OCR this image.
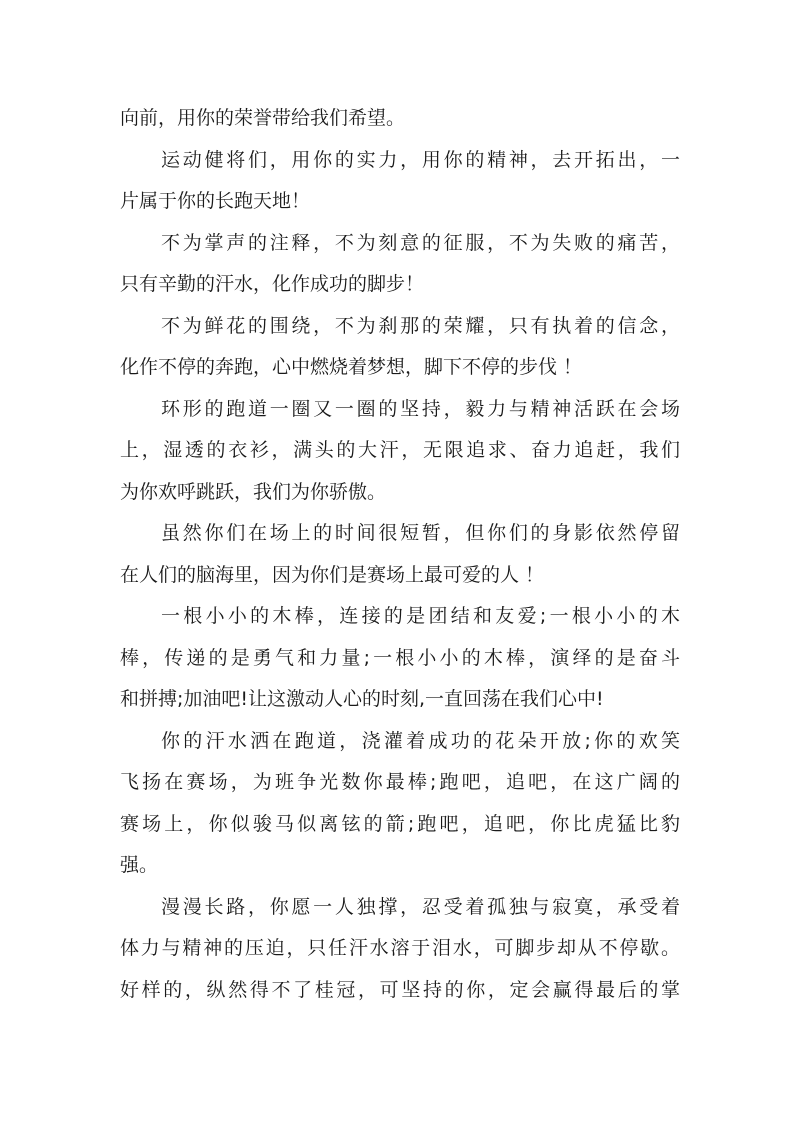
向前，用你的荣誉带给我们希望。
运动健将们，用你的实力，用你的精神，去开拓出，一
片属于你的长跑天地！
不为掌声的注释，不为刻意的征服，不为失败的痛苦，
只有辛勤的汗水，化作成功的脚步！
不为鲜花的围绕，不为刹那的荣耀，只有执着的信念，
化作不停的奔跑，心中燃烧着梦想，脚下不停的步伐 ！
环形的跑道一圈又一圈的坚持，毅力与精神活跃在会场
上，湿透的衣衫，满头的大汗，无限追求、奋力追赶，我们
为你欢呼跳跃，我们为你骄傲。
虽然你们在场上的时间很短暂，但你们的身影依然停留
在人们的脑海里，因为你们是赛场上最可爱的人 ！
一根小小的木棒，连接的是团结和友爱;一根小小的木
棒，传递的是勇气和力量;一根小小的木棒，演绎的是奋斗
和拼搏;加油吧!让这激动人心的时刻,一直回荡在我们心中!
你的汗水洒在跑道，浇灌着成功的花朵开放;你的欢笑
飞扬在赛场，为班争光数你最棒;跑吧，追吧，在这广阔的
赛场上，你似骏马似离铉的箭;跑吧，追吧，你比虎猛比豹
强。
漫漫长路，你愿一人独撑，忍受着孤独与寂寞，承受着
体力与精神的压迫，只任汗水溶于泪水，可脚步却从不停歇。
好样的，纵然得不了桂冠，可坚持的你，定会赢得最后的掌
